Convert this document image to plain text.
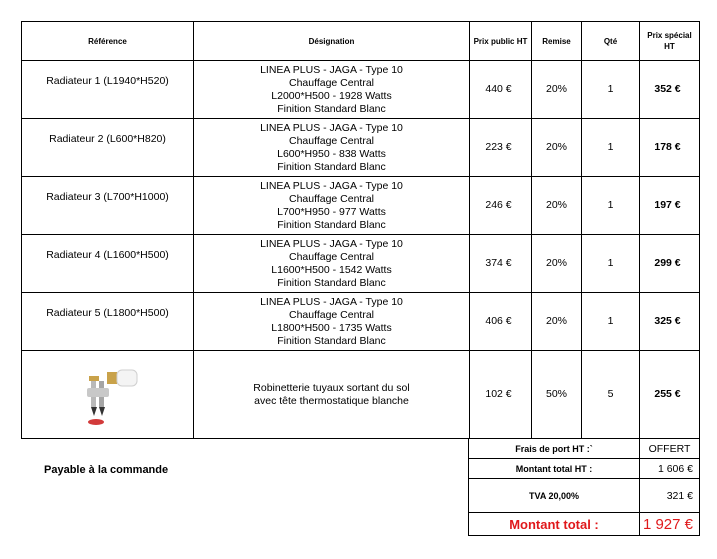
Référence	Désignation	Prix public HT	Remise	Qté	Prix spécial
HT

Radiateur 1 (L1940*H520)	LINEA PLUS - JAGA - Type 10
Chauffage Central
L2000*H500 - 1928 Watts
Finition Standard Blanc	440 €	20%	1	352 €
Radiateur 2 (L600*H820)	LINEA PLUS - JAGA - Type 10
Chauffage Central
L600*H950 - 838 Watts
Finition Standard Blanc	223 €	20%	1	178 €
Radiateur 3 (L700*H1000)	LINEA PLUS - JAGA - Type 10
Chauffage Central
L700*H950 - 977 Watts
Finition Standard Blanc	246 €	20%	1	197 €
Radiateur 4 (L1600*H500)	LINEA PLUS - JAGA - Type 10
Chauffage Central
L1600*H500 - 1542 Watts
Finition Standard Blanc	374 €	20%	1	299 €
Radiateur 5 (L1800*H500)	LINEA PLUS - JAGA - Type 10
Chauffage Central
L1800*H500 - 1735 Watts
Finition Standard Blanc	406 €	20%	1	325 €

Robinetterie tuyaux sortant du sol
avec tête thermostatique blanche	102 €	50%	5	255 €
Payable à la commande
Frais de port HT :`	OFFERT
Montant total HT :	1 606 €
TVA 20,00%	321 €
Montant total :	1 927 €
